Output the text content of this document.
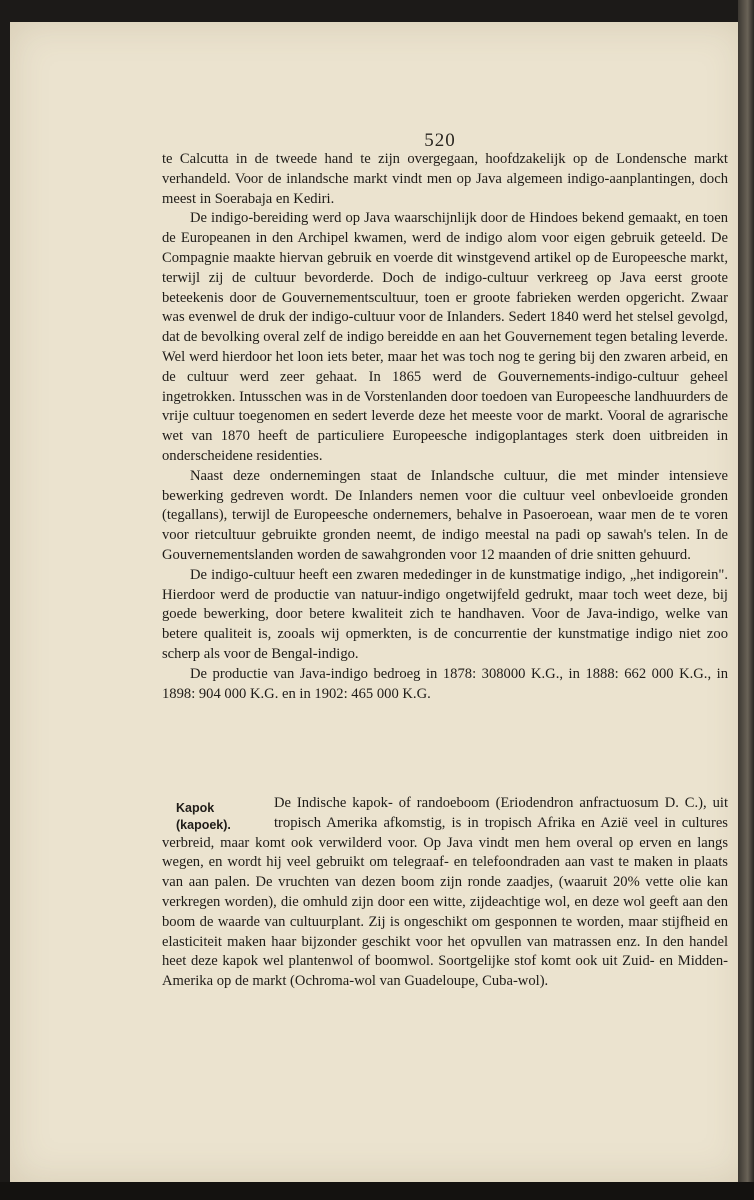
520

te Calcutta in de tweede hand te zijn overgegaan, hoofdzakelijk op de Londensche markt verhandeld. Voor de inlandsche markt vindt men op Java algemeen indigo-aanplantingen, doch meest in Soerabaja en Kediri.

De indigo-bereiding werd op Java waarschijnlijk door de Hindoes bekend gemaakt, en toen de Europeanen in den Archipel kwamen, werd de indigo alom voor eigen gebruik geteeld. De Compagnie maakte hiervan gebruik en voerde dit winstgevend artikel op de Europeesche markt, terwijl zij de cultuur bevorderde. Doch de indigo-cultuur verkreeg op Java eerst groote beteekenis door de Gouvernementscultuur, toen er groote fabrieken werden opgericht. Zwaar was evenwel de druk der indigo-cultuur voor de Inlanders. Sedert 1840 werd het stelsel gevolgd, dat de bevolking overal zelf de indigo bereidde en aan het Gouvernement tegen betaling leverde. Wel werd hierdoor het loon iets beter, maar het was toch nog te gering bij den zwaren arbeid, en de cultuur werd zeer gehaat. In 1865 werd de Gouvernements-indigo-cultuur geheel ingetrokken. Intusschen was in de Vorstenlanden door toedoen van Europeesche landhuurders de vrije cultuur toegenomen en sedert leverde deze het meeste voor de markt. Vooral de agrarische wet van 1870 heeft de particuliere Europeesche indigoplantages sterk doen uitbreiden in onderscheidene residenties.

Naast deze ondernemingen staat de Inlandsche cultuur, die met minder intensieve bewerking gedreven wordt. De Inlanders nemen voor die cultuur veel onbevloeide gronden (tegallans), terwijl de Europeesche ondernemers, behalve in Pasoeroean, waar men de te voren voor rietcultuur gebruikte gronden neemt, de indigo meestal na padi op sawah's telen. In de Gouvernementslanden worden de sawahgronden voor 12 maanden of drie snitten gehuurd.

De indigo-cultuur heeft een zwaren mededinger in de kunstmatige indigo, „het indigorein". Hierdoor werd de productie van natuur-indigo ongetwijfeld gedrukt, maar toch weet deze, bij goede bewerking, door betere kwaliteit zich te handhaven. Voor de Java-indigo, welke van betere qualiteit is, zooals wij opmerkten, is de concurrentie der kunstmatige indigo niet zoo scherp als voor de Bengal-indigo.

De productie van Java-indigo bedroeg in 1878: 308000 K.G., in 1888: 662 000 K.G., in 1898: 904 000 K.G. en in 1902: 465 000 K.G.

Kapok (kapoek).

De Indische kapok- of randoeboom (Eriodendron anfractuosum D. C.), uit tropisch Amerika afkomstig, is in tropisch Afrika en Aziё veel in cultures verbreid, maar komt ook verwilderd voor. Op Java vindt men hem overal op erven en langs wegen, en wordt hij veel gebruikt om telegraaf- en telefoondraden aan vast te maken in plaats van aan palen. De vruchten van dezen boom zijn ronde zaadjes, (waaruit 20% vette olie kan verkregen worden), die omhuld zijn door een witte, zijdeachtige wol, en deze wol geeft aan den boom de waarde van cultuurplant. Zij is ongeschikt om gesponnen te worden, maar stijfheid en elasticiteit maken haar bijzonder geschikt voor het opvullen van matrassen enz. In den handel heet deze kapok wel plantenwol of boomwol. Soortgelijke stof komt ook uit Zuid- en Midden-Amerika op de markt (Ochroma-wol van Guadeloupe, Cuba-wol).
